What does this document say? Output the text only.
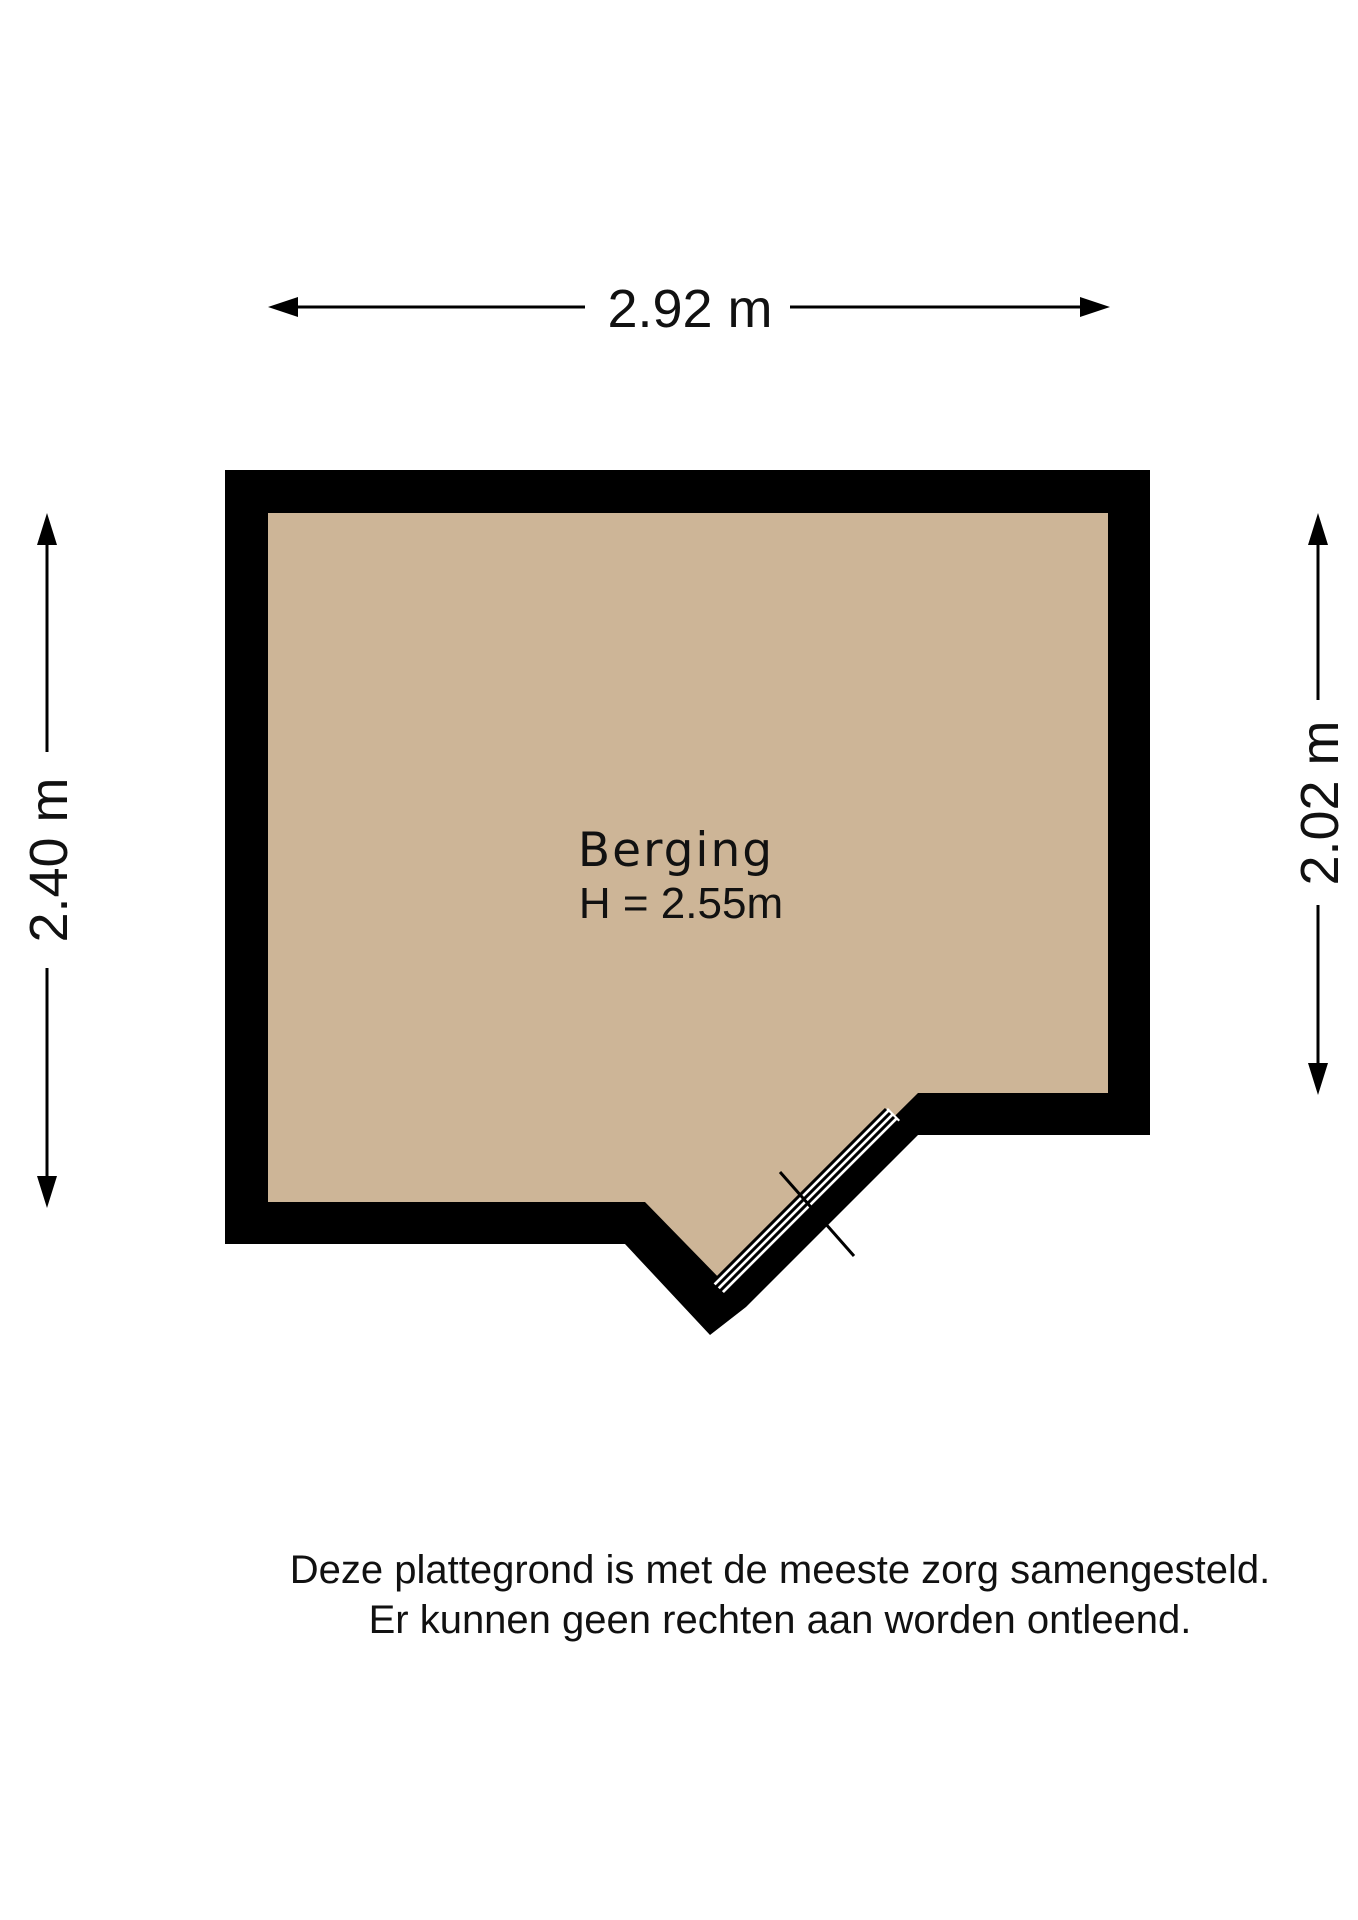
2.92 m
2.40 m	2.02 m
Berging
H = 2.55m
Deze plattegrond is met de meeste zorg samengesteld.
Er kunnen geen rechten aan worden ontleend.
